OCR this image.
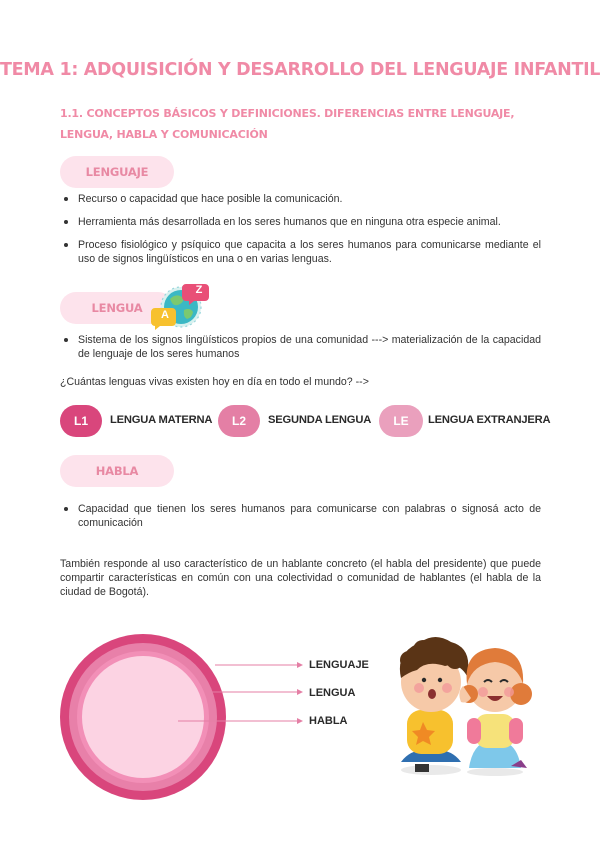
TEMA 1: ADQUISICIÓN Y DESARROLLO DEL LENGUAJE INFANTIL
1.1. CONCEPTOS BÁSICOS Y DEFINICIONES. DIFERENCIAS ENTRE LENGUAJE, LENGUA, HABLA Y COMUNICACIÓN
LENGUAJE
Recurso o capacidad que hace posible la comunicación.
Herramienta más desarrollada en los seres humanos que en ninguna otra especie animal.
Proceso fisiológico y psíquico que capacita a los seres humanos para comunicarse mediante el uso de signos lingüísticos en una o en varias lenguas.
LENGUA
Z
A
Sistema de los signos lingüísticos propios de una comunidad ---> materialización de la capacidad de lenguaje de los seres humanos

¿Cuántas lenguas vivas existen hoy en día en todo el mundo? -->

L1	LENGUA MATERNA	L2	SEGUNDA LENGUA	LE	LENGUA EXTRANJERA
HABLA
Capacidad que tienen los seres humanos para comunicarse con palabras o signosá acto de comunicación

También responde al uso característico de un hablante concreto (el habla del presidente) que puede compartir características en común con una colectividad o comunidad de hablantes (el habla de la ciudad de Bogotá).

LENGUAJE
LENGUA
HABLA
